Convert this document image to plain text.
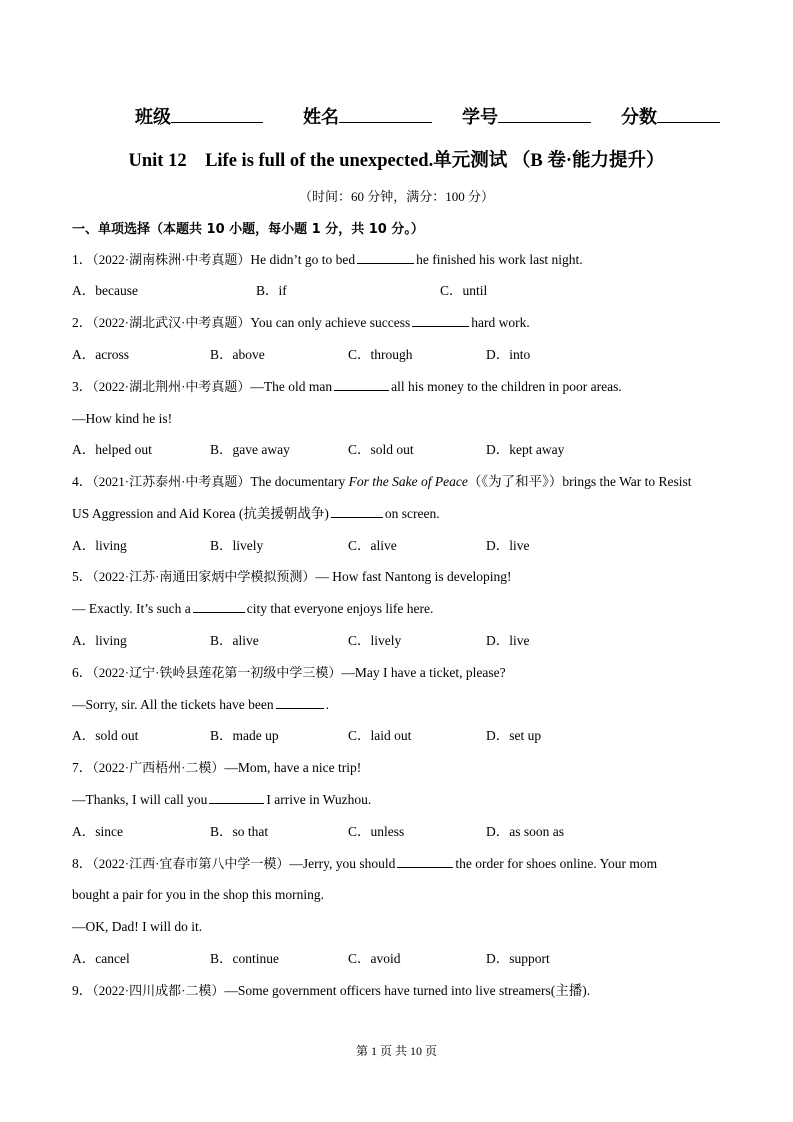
班级	姓名	学号	分数
Unit 12　Life is full of the unexpected.单元测试 （B 卷·能力提升）
（时间：60 分钟，满分：100 分）
一、单项选择（本题共 10 小题，每小题 1 分，共 10 分。）
1．（2022·湖南株洲·中考真题）He didn’t go to bed	he finished his work last night.
A．because	B．if	C．until
2．（2022·湖北武汉·中考真题）You can only achieve success	hard work.
A．across	B．above	C．through	D．into
3．（2022·湖北荆州·中考真题）—The old man	all his money to the children in poor areas.
—How kind he is!
A．helped out	B．gave away	C．sold out	D．kept away
4．（2021·江苏泰州·中考真题）The documentary For the Sake of Peace（《为了和平》）brings the War to Resist
US Aggression and Aid Korea (抗美援朝战争)	on screen.
A．living	B．lively	C．alive	D．live
5．（2022·江苏·南通田家炳中学模拟预测）— How fast Nantong is developing!
— Exactly. It’s such a	city that everyone enjoys life here.
A．living	B．alive	C．lively	D．live
6．（2022·辽宁·铁岭县莲花第一初级中学三模）—May I have a ticket, please?
—Sorry, sir. All the tickets have been	.
A．sold out	B．made up	C．laid out	D．set up
7．（2022·广西梧州·二模）—Mom, have a nice trip!
—Thanks, I will call you	I arrive in Wuzhou.
A．since	B．so that	C．unless	D．as soon as
8．（2022·江西·宜春市第八中学一模）—Jerry, you should	the order for shoes online. Your mom
bought a pair for you in the shop this morning.
—OK, Dad! I will do it.
A．cancel	B．continue	C．avoid	D．support
9．（2022·四川成都·二模）—Some government officers have turned into live streamers(主播).
第 1 页 共 10 页
